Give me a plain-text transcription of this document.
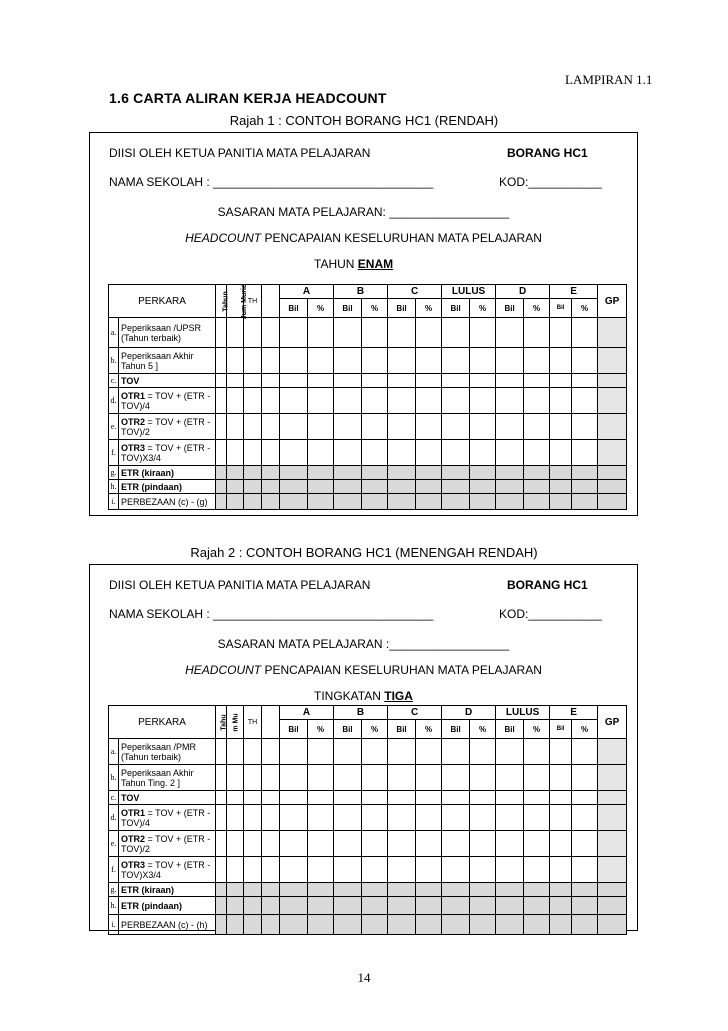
LAMPIRAN 1.1
1.6 CARTA ALIRAN KERJA HEADCOUNT
Rajah 1 : CONTOH BORANG HC1 (RENDAH)
DIISI OLEH KETUA PANITIA MATA PELAJARAN	BORANG HC1
NAMA SEKOLAH : _________________________________	KOD:___________
SASARAN MATA PELAJARAN: __________________
HEADCOUNT PENCAPAIAN KESELURUHAN MATA PELAJARAN
TAHUN ENAM
PERKARA		Tahun	Jum Murid	TH		A		B		C		LULUS		D		E		GP
						Bil	%	Bil	%	Bil	%	Bil	%	Bil	%	Bil	%	
a.	Peperiksaan /UPSR (Tahun terbaik)																	
b.	Peperiksaan Akhir Tahun 5 ]																	
c.	TOV																	
d.	OTR1 = TOV + (ETR -TOV)/4																	
e.	OTR2 = TOV + (ETR -TOV)/2																	
f.	OTR3 = TOV + (ETR -TOV)X3/4																	
g.	ETR (kiraan)																	
h.	ETR (pindaan)																	
i.	PERBEZAAN (c) - (g)																	
Rajah 2 : CONTOH BORANG HC1 (MENENGAH RENDAH)
DIISI OLEH KETUA PANITIA MATA PELAJARAN	BORANG HC1
NAMA SEKOLAH : _________________________________	KOD:___________
SASARAN MATA PELAJARAN :__________________
HEADCOUNT PENCAPAIAN KESELURUHAN MATA PELAJARAN
TINGKATAN TIGA
PERKARA		Tahu	m Mu	TH		A		B		C		D		LULUS		E		GP
						Bil	%	Bil	%	Bil	%	Bil	%	Bil	%	Bil	%	
a.	Peperiksaan /PMR (Tahun terbaik)																	
b.	Peperiksaan Akhir Tahun Ting. 2 ]																	
c.	TOV																	
d.	OTR1 = TOV + (ETR -TOV)/4																	
e.	OTR2 = TOV + (ETR -TOV)/2																	
f.	OTR3 = TOV + (ETR -TOV)X3/4																	
g.	ETR (kiraan)																	
h.	ETR (pindaan)																	
i.	PERBEZAAN (c) - (h)																	
14
